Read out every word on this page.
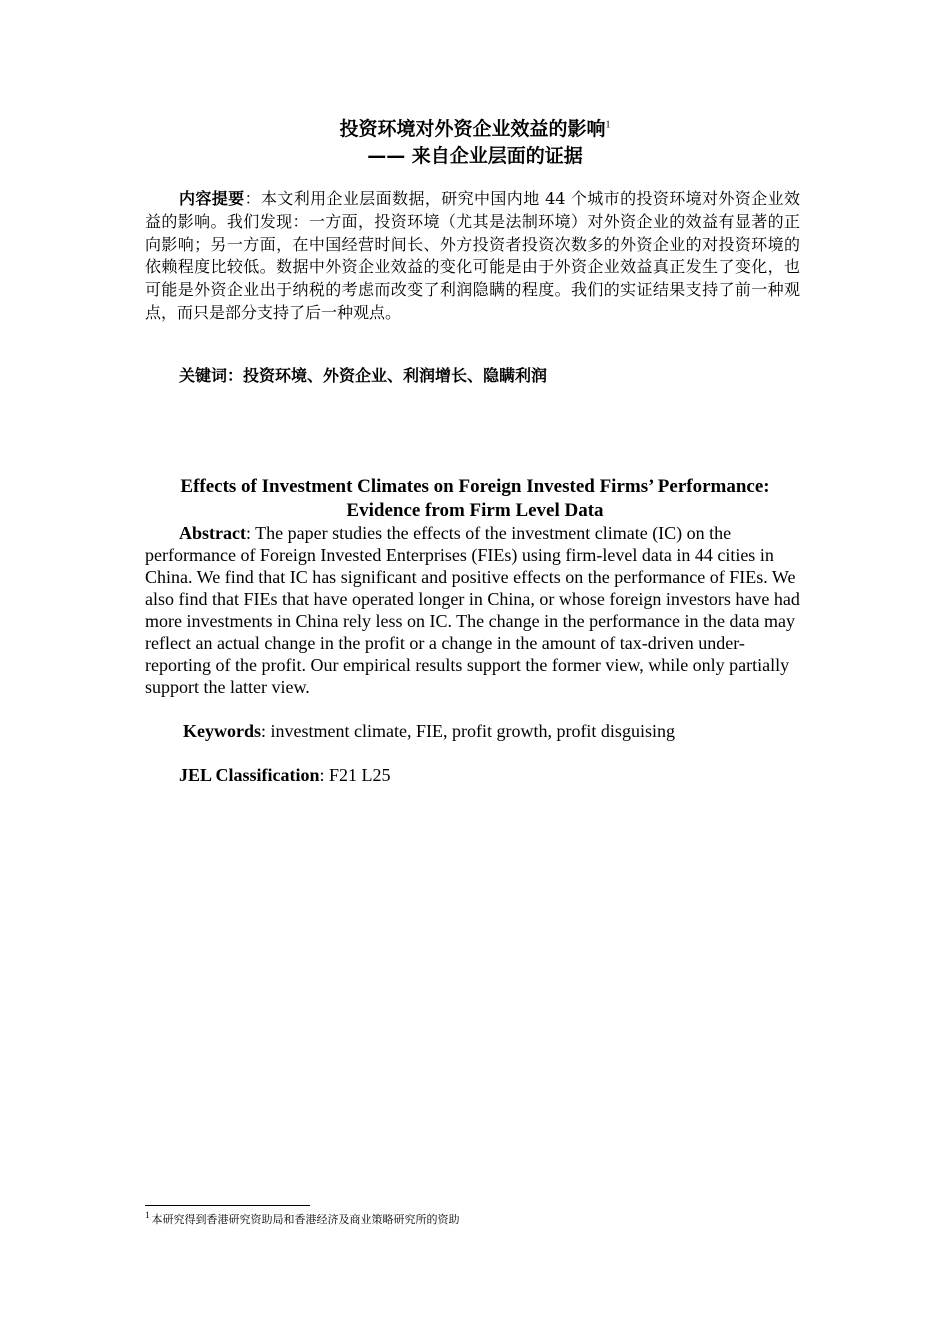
投资环境对外资企业效益的影响$^1$
—— 来自企业层面的证据
内容提要：本文利用企业层面数据，研究中国内地 44 个城市的投资环境对外资企业效益的影响。我们发现：一方面，投资环境（尤其是法制环境）对外资企业的效益有显著的正向影响；另一方面，在中国经营时间长、外方投资者投资次数多的外资企业的对投资环境的依赖程度比较低。数据中外资企业效益的变化可能是由于外资企业效益真正发生了变化，也可能是外资企业出于纳税的考虑而改变了利润隐瞒的程度。我们的实证结果支持了前一种观点，而只是部分支持了后一种观点。
关键词：投资环境、外资企业、利润增长、隐瞒利润
Effects of Investment Climates on Foreign Invested Firms’ Performance:
Evidence from Firm Level Data
Abstract: The paper studies the effects of the investment climate (IC) on the performance of Foreign Invested Enterprises (FIEs) using firm-level data in 44 cities in China. We find that IC has significant and positive effects on the performance of FIEs. We also find that FIEs that have operated longer in China, or whose foreign investors have had more investments in China rely less on IC. The change in the performance in the data may reflect an actual change in the profit or a change in the amount of tax-driven under-reporting of the profit. Our empirical results support the former view, while only partially support the latter view.
Keywords: investment climate, FIE, profit growth, profit disguising
JEL Classification: F21 L25
$^1$ 本研究得到香港研究资助局和香港经济及商业策略研究所的资助
